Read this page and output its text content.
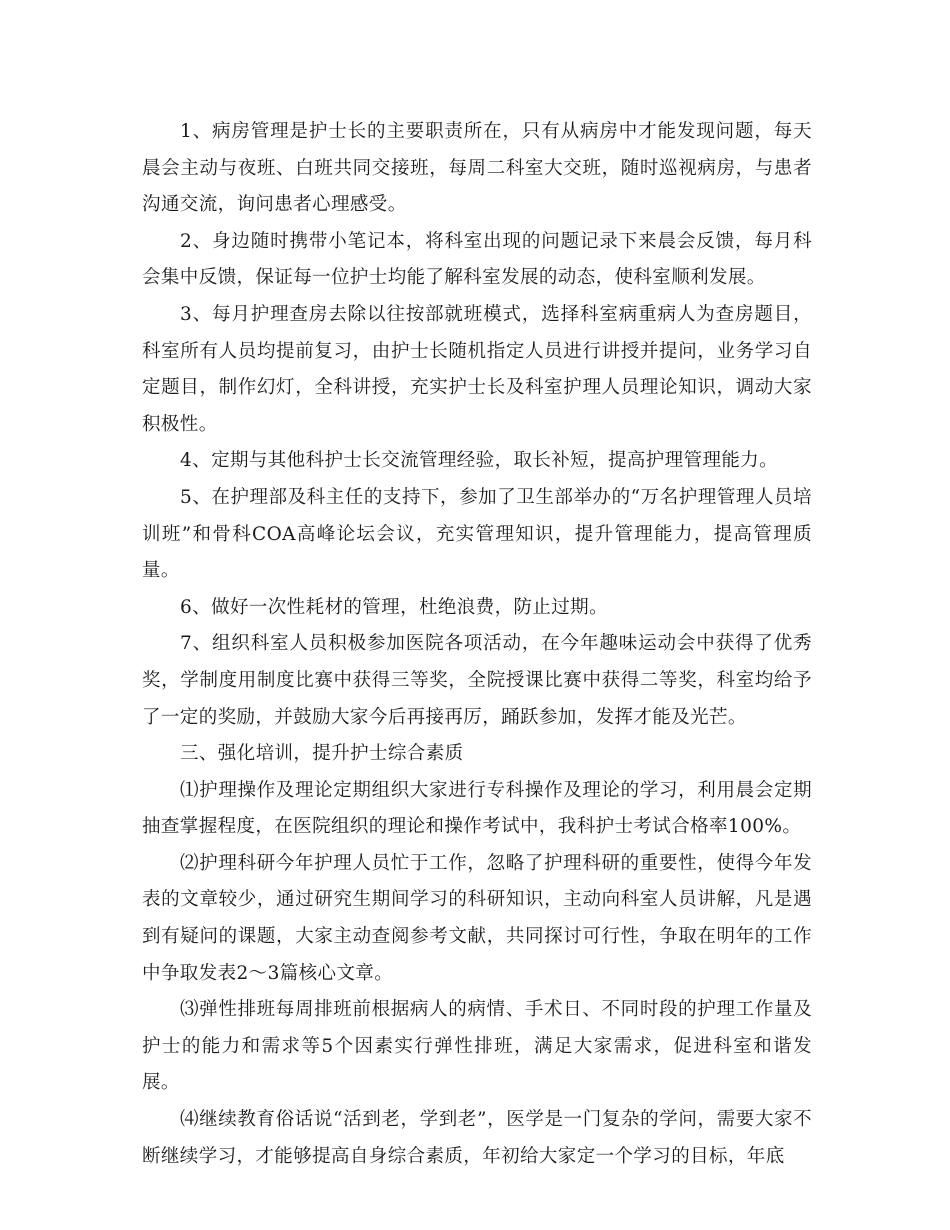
1、病房管理是护士长的主要职责所在，只有从病房中才能发现问题，每天晨会主动与夜班、白班共同交接班，每周二科室大交班，随时巡视病房，与患者沟通交流，询问患者心理感受。

2、身边随时携带小笔记本，将科室出现的问题记录下来晨会反馈，每月科会集中反馈，保证每一位护士均能了解科室发展的动态，使科室顺利发展。

3、每月护理查房去除以往按部就班模式，选择科室病重病人为查房题目，科室所有人员均提前复习，由护士长随机指定人员进行讲授并提问，业务学习自定题目，制作幻灯，全科讲授，充实护士长及科室护理人员理论知识，调动大家积极性。

4、定期与其他科护士长交流管理经验，取长补短，提高护理管理能力。

5、在护理部及科主任的支持下，参加了卫生部举办的“万名护理管理人员培训班”和骨科COA高峰论坛会议，充实管理知识，提升管理能力，提高管理质量。

6、做好一次性耗材的管理，杜绝浪费，防止过期。

7、组织科室人员积极参加医院各项活动，在今年趣味运动会中获得了优秀奖，学制度用制度比赛中获得三等奖，全院授课比赛中获得二等奖，科室均给予了一定的奖励，并鼓励大家今后再接再厉，踊跃参加，发挥才能及光芒。

三、强化培训，提升护士综合素质

⑴护理操作及理论定期组织大家进行专科操作及理论的学习，利用晨会定期抽查掌握程度，在医院组织的理论和操作考试中，我科护士考试合格率100%。

⑵护理科研今年护理人员忙于工作，忽略了护理科研的重要性，使得今年发表的文章较少，通过研究生期间学习的科研知识，主动向科室人员讲解，凡是遇到有疑问的课题，大家主动查阅参考文献，共同探讨可行性，争取在明年的工作中争取发表2～3篇核心文章。

⑶弹性排班每周排班前根据病人的病情、手术日、不同时段的护理工作量及护士的能力和需求等5个因素实行弹性排班，满足大家需求，促进科室和谐发展。

⑷继续教育俗话说“活到老，学到老”，医学是一门复杂的学问，需要大家不断继续学习，才能够提高自身综合素质，年初给大家定一个学习的目标，年底
